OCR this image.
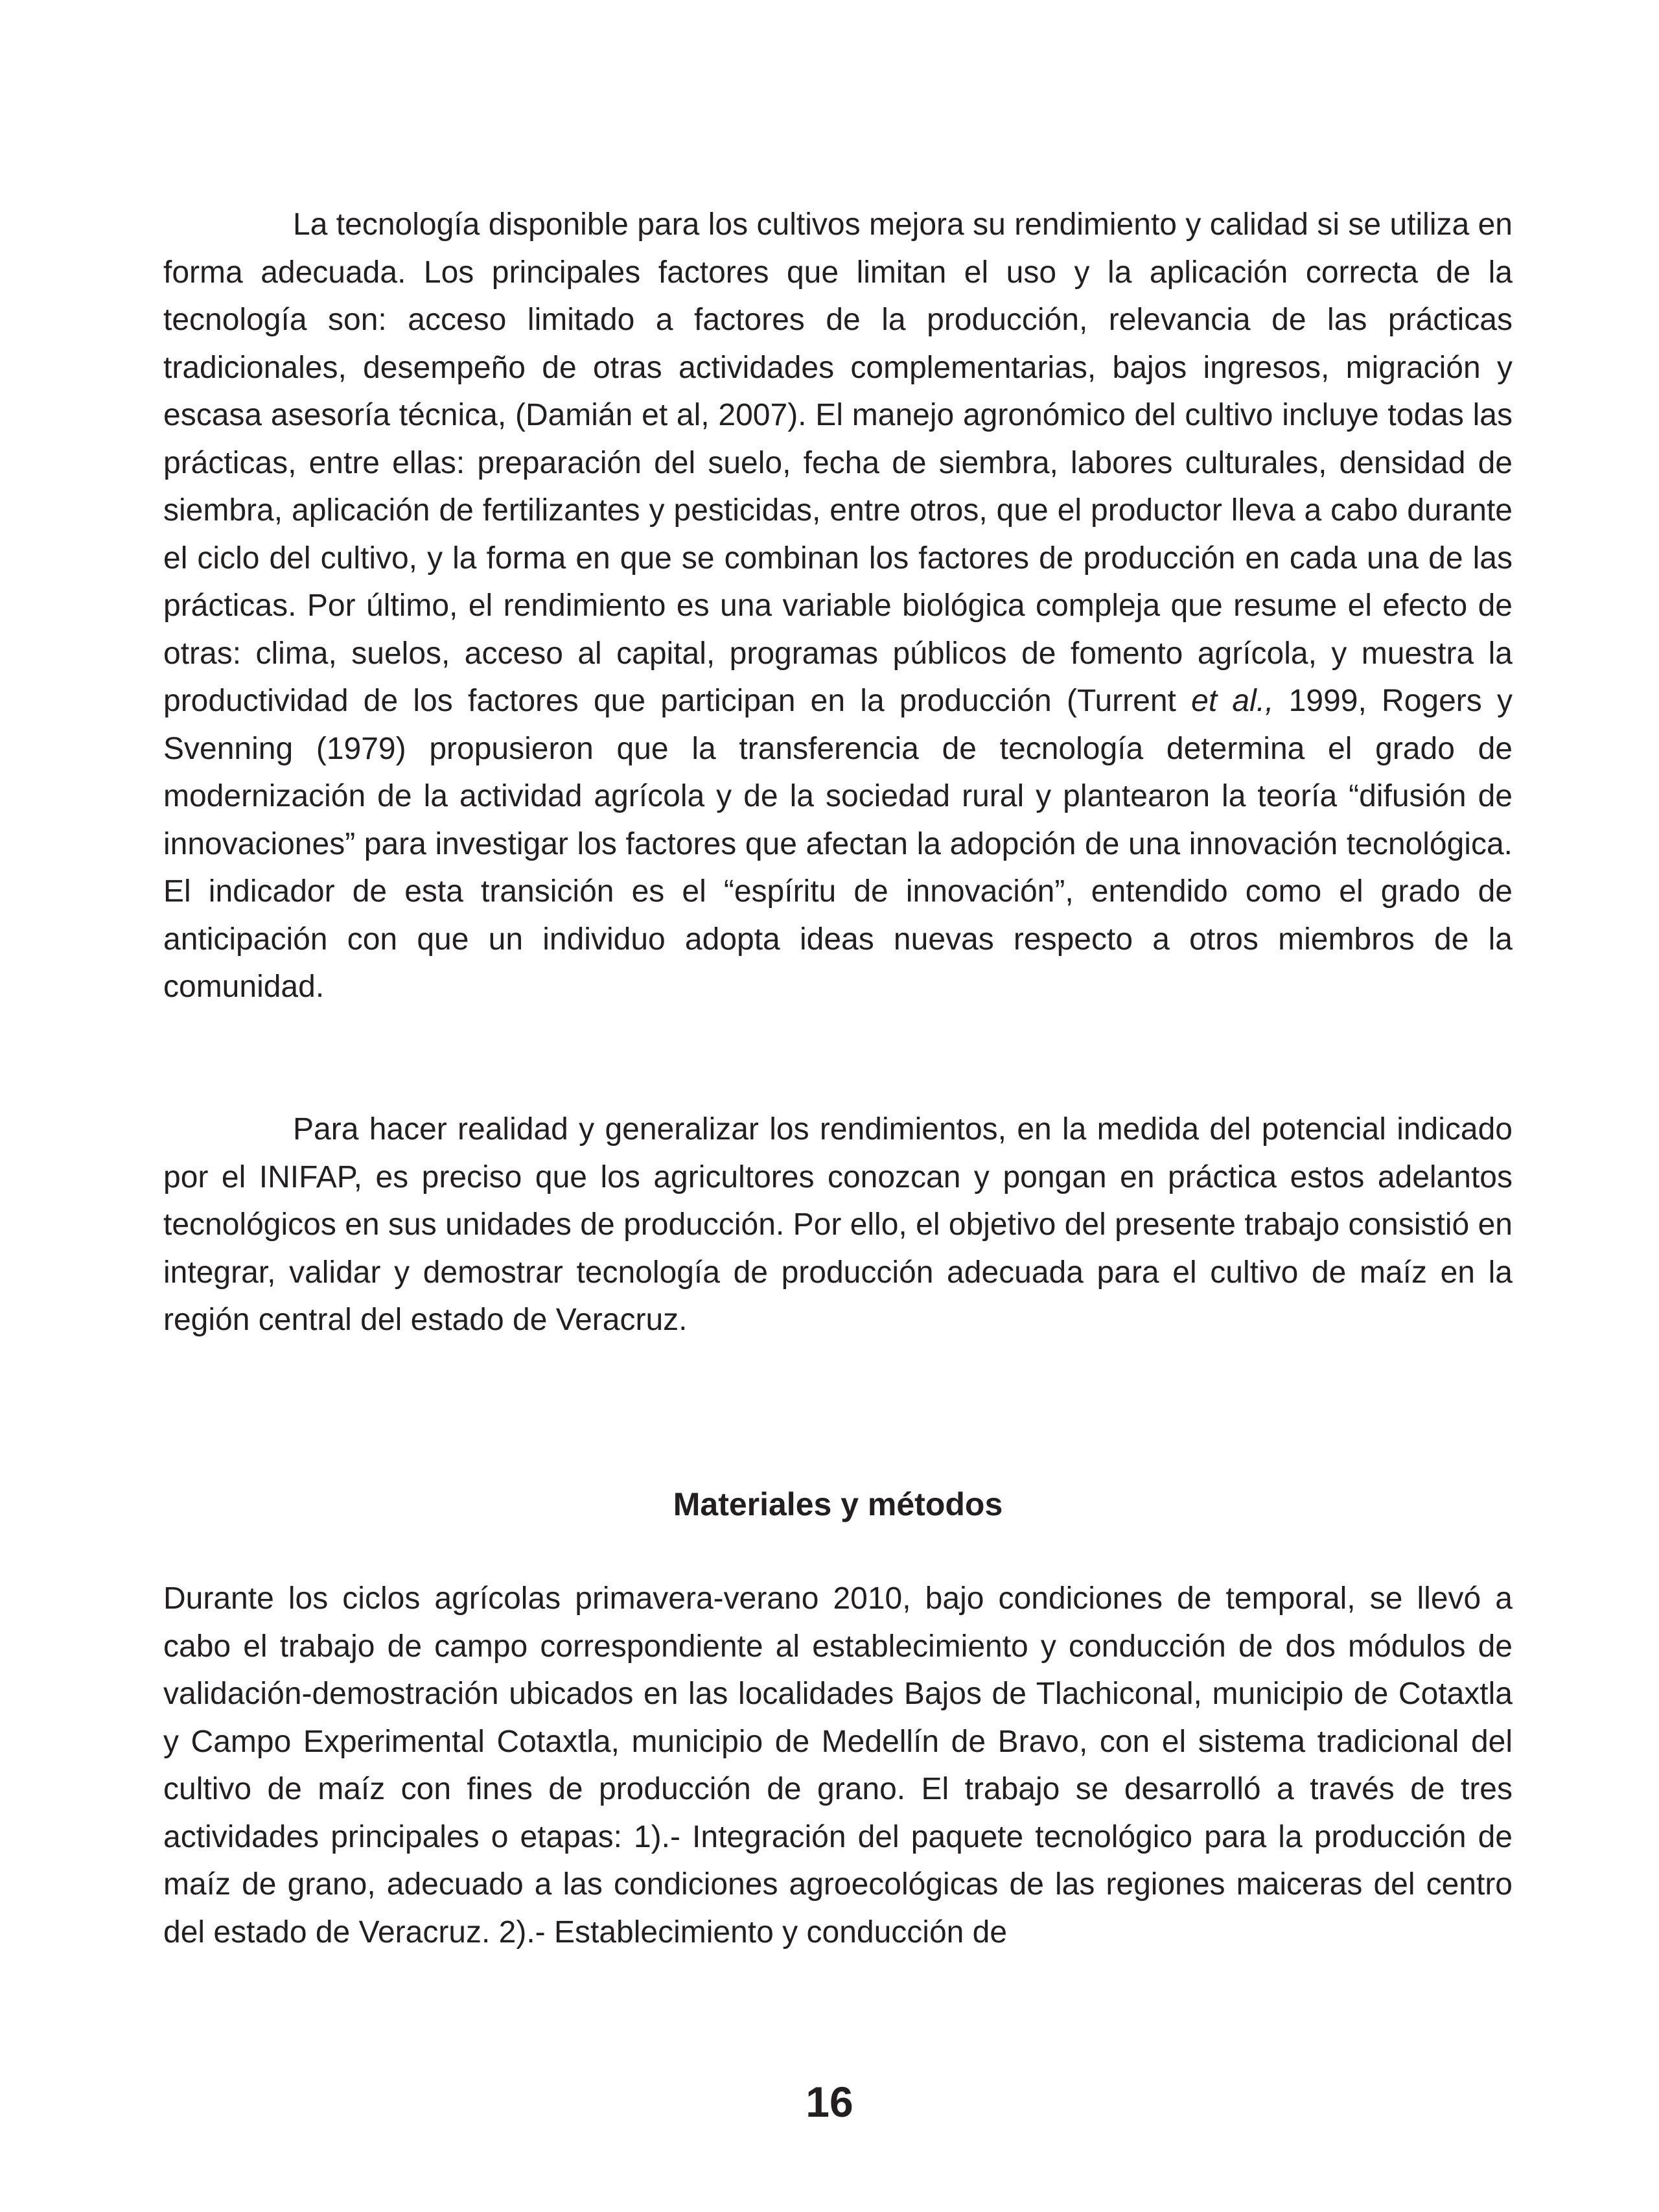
La tecnología disponible para los cultivos mejora su rendimiento y calidad si se utiliza en forma adecuada. Los principales factores que limitan el uso y la aplicación correcta de la tecnología son: acceso limitado a factores de la producción, relevancia de las prácticas tradicionales, desempeño de otras actividades complementarias, bajos ingresos, migración y escasa asesoría técnica, (Damián et al, 2007). El manejo agronómico del cultivo incluye todas las prácticas, entre ellas: preparación del suelo, fecha de siembra, labores culturales, densidad de siembra, aplicación de fertilizantes y pesticidas, entre otros, que el productor lleva a cabo durante el ciclo del cultivo, y la forma en que se combinan los factores de producción en cada una de las prácticas. Por último, el rendimiento es una variable biológica compleja que resume el efecto de otras: clima, suelos, acceso al capital, programas públicos de fomento agrícola, y muestra la productividad de los factores que participan en la producción (Turrent et al., 1999, Rogers y Svenning (1979) propusieron que la transferencia de tecnología determina el grado de modernización de la actividad agrícola y de la sociedad rural y plantearon la teoría “difusión de innovaciones” para investigar los factores que afectan la adopción de una innovación tecnológica. El indicador de esta transición es el “espíritu de innovación”, entendido como el grado de anticipación con que un individuo adopta ideas nuevas respecto a otros miembros de la comunidad.

Para hacer realidad y generalizar los rendimientos, en la medida del potencial indicado por el INIFAP, es preciso que los agricultores conozcan y pongan en práctica estos adelantos tecnológicos en sus unidades de producción. Por ello, el objetivo del presente trabajo consistió en integrar, validar y demostrar tecnología de producción adecuada para el cultivo de maíz en la región central del estado de Veracruz.

Materiales y métodos

Durante los ciclos agrícolas primavera-verano 2010, bajo condiciones de temporal, se llevó a cabo el trabajo de campo correspondiente al establecimiento y conducción de dos módulos de validación-demostración ubicados en las localidades Bajos de Tlachiconal, municipio de Cotaxtla y Campo Experimental Cotaxtla, municipio de Medellín de Bravo, con el sistema tradicional del cultivo de maíz con fines de producción de grano. El trabajo se desarrolló a través de tres actividades principales o etapas: 1).- Integración del paquete tecnológico para la producción de maíz de grano, adecuado a las condiciones agroecológicas de las regiones maiceras del centro del estado de Veracruz. 2).- Establecimiento y conducción de

16
